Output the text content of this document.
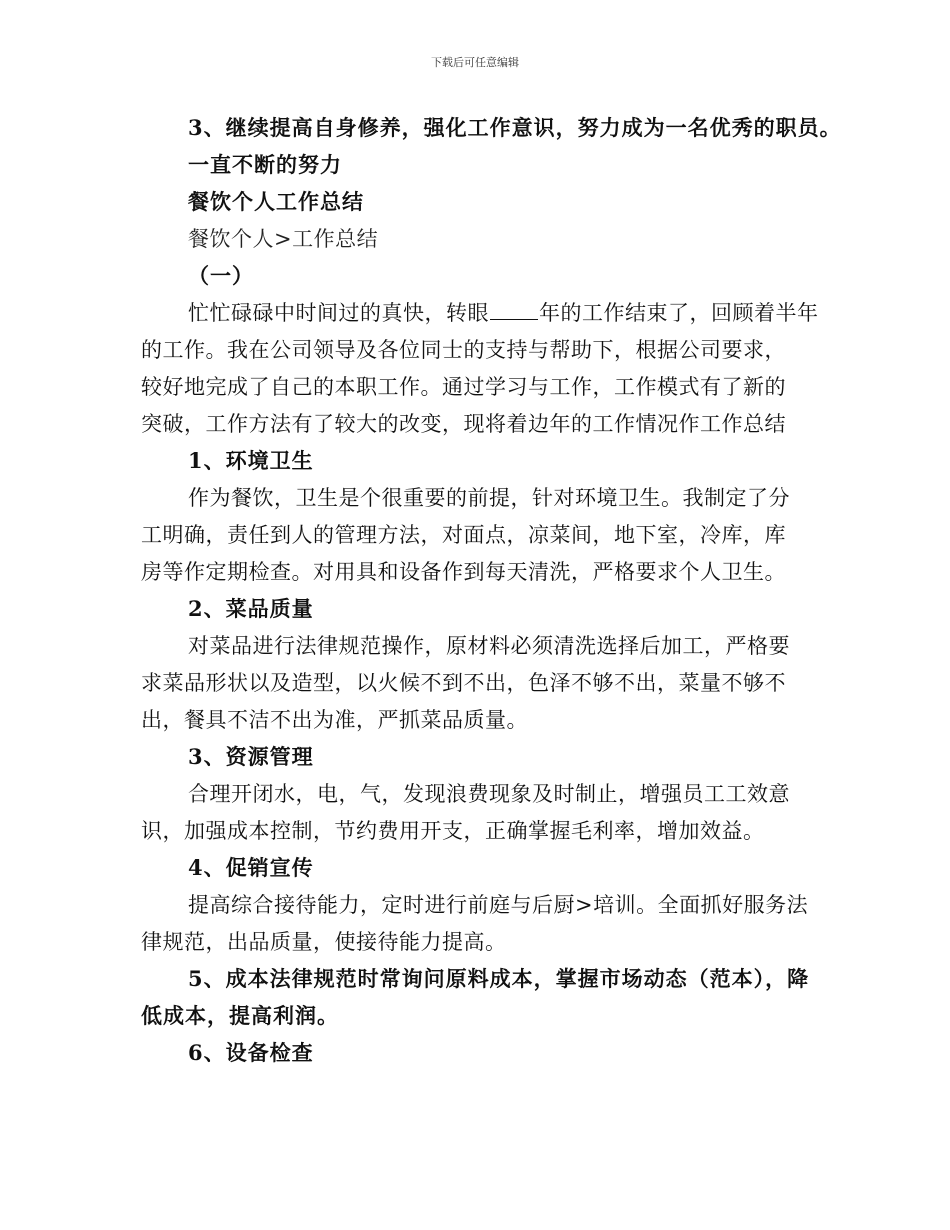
下载后可任意编辑
3、继续提高自身修养，强化工作意识，努力成为一名优秀的职员。
一直不断的努力
餐饮个人工作总结
餐饮个人>工作总结
（一）
忙忙碌碌中时间过的真快，转眼 年的工作结束了，回顾着半年
的工作。我在公司领导及各位同士的支持与帮助下，根据公司要求，
较好地完成了自己的本职工作。通过学习与工作，工作模式有了新的
突破，工作方法有了较大的改变，现将着边年的工作情况作工作总结
1、环境卫生
作为餐饮，卫生是个很重要的前提，针对环境卫生。我制定了分
工明确，责任到人的管理方法，对面点，凉菜间，地下室，冷库，库
房等作定期检查。对用具和设备作到每天清洗，严格要求个人卫生。
2、菜品质量
对菜品进行法律规范操作，原材料必须清洗选择后加工，严格要
求菜品形状以及造型，以火候不到不出，色泽不够不出，菜量不够不
出，餐具不洁不出为准，严抓菜品质量。
3、资源管理
合理开闭水，电，气，发现浪费现象及时制止，增强员工工效意
识，加强成本控制，节约费用开支，正确掌握毛利率，增加效益。
4、促销宣传
提高综合接待能力，定时进行前庭与后厨>培训。全面抓好服务法
律规范，出品质量，使接待能力提高。
5、成本法律规范时常询问原料成本，掌握市场动态（范本），降
低成本，提高利润。
6、设备检查
